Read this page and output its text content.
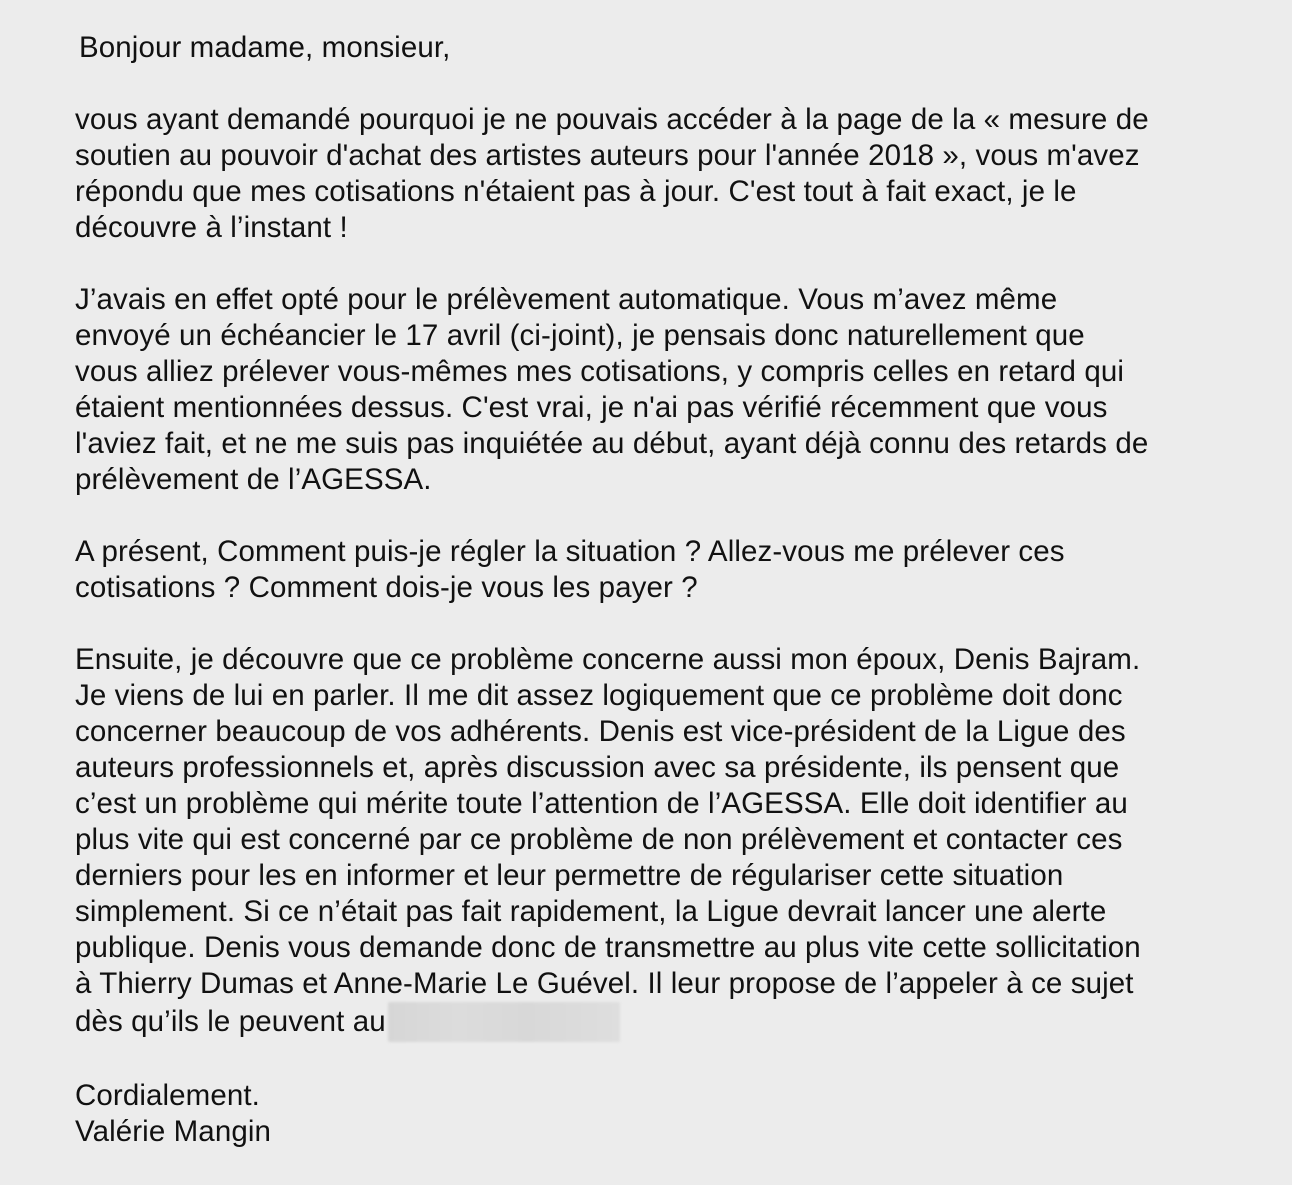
Bonjour madame, monsieur,
vous ayant demandé pourquoi je ne pouvais accéder à la page de la « mesure de
soutien au pouvoir d'achat des artistes auteurs pour l'année 2018 », vous m'avez
répondu que mes cotisations n'étaient pas à jour. C'est tout à fait exact, je le
découvre à l’instant !
J’avais en effet opté pour le prélèvement automatique. Vous m’avez même
envoyé un échéancier le 17 avril (ci-joint), je pensais donc naturellement que
vous alliez prélever vous-mêmes mes cotisations, y compris celles en retard qui
étaient mentionnées dessus. C'est vrai, je n'ai pas vérifié récemment que vous
l'aviez fait, et ne me suis pas inquiétée au début, ayant déjà connu des retards de
prélèvement de l’AGESSA.
A présent, Comment puis-je régler la situation ? Allez-vous me prélever ces
cotisations ? Comment dois-je vous les payer ?
Ensuite, je découvre que ce problème concerne aussi mon époux, Denis Bajram.
Je viens de lui en parler. Il me dit assez logiquement que ce problème doit donc
concerner beaucoup de vos adhérents. Denis est vice-président de la Ligue des
auteurs professionnels et, après discussion avec sa présidente, ils pensent que
c’est un problème qui mérite toute l’attention de l’AGESSA. Elle doit identifier au
plus vite qui est concerné par ce problème de non prélèvement et contacter ces
derniers pour les en informer et leur permettre de régulariser cette situation
simplement. Si ce n’était pas fait rapidement, la Ligue devrait lancer une alerte
publique. Denis vous demande donc de transmettre au plus vite cette sollicitation
à Thierry Dumas et Anne-Marie Le Guével. Il leur propose de l’appeler à ce sujet
dès qu’ils le peuvent au
Cordialement.
Valérie Mangin
